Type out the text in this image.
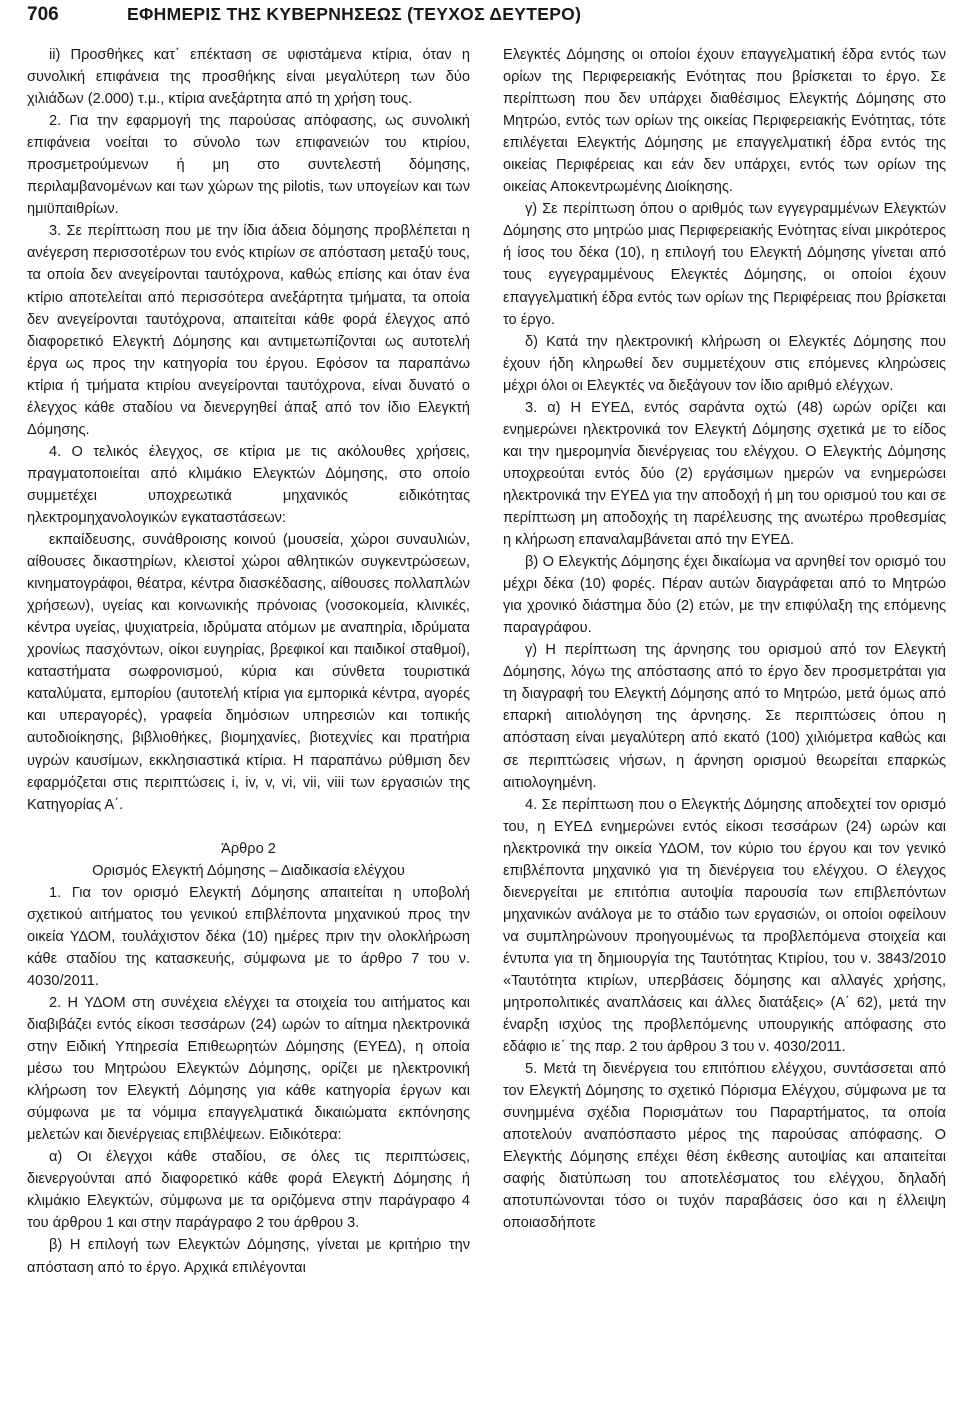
706	ΕΦΗΜΕΡΙΣ ΤΗΣ ΚΥΒΕΡΝΗΣΕΩΣ (ΤΕΥΧΟΣ ΔΕΥΤΕΡΟ)

ii) Προσθήκες κατ΄ επέκταση σε υφιστάμενα κτίρια, όταν η συνολική επιφάνεια της προσθήκης είναι μεγαλύτερη των δύο χιλιάδων (2.000) τ.μ., κτίρια ανεξάρτητα από τη χρήση τους.

2. Για την εφαρμογή της παρούσας απόφασης, ως συνολική επιφάνεια νοείται το σύνολο των επιφανειών του κτιρίου, προσμετρούμενων ή μη στο συντελεστή δόμησης, περιλαμβανομένων και των χώρων της pilotis, των υπογείων και των ημιϋπαιθρίων.

3. Σε περίπτωση που με την ίδια άδεια δόμησης προβλέπεται η ανέγερση περισσοτέρων του ενός κτιρίων σε απόσταση μεταξύ τους, τα οποία δεν ανεγείρονται ταυτόχρονα, καθώς επίσης και όταν ένα κτίριο αποτελείται από περισσότερα ανεξάρτητα τμήματα, τα οποία δεν ανεγείρονται ταυτόχρονα, απαιτείται κάθε φορά έλεγχος από διαφορετικό Ελεγκτή Δόμησης και αντιμετωπίζονται ως αυτοτελή έργα ως προς την κατηγορία του έργου. Εφόσον τα παραπάνω κτίρια ή τμήματα κτιρίου ανεγείρονται ταυτόχρονα, είναι δυνατό ο έλεγχος κάθε σταδίου να διενεργηθεί άπαξ από τον ίδιο Ελεγκτή Δόμησης.

4. Ο τελικός έλεγχος, σε κτίρια με τις ακόλουθες χρήσεις, πραγματοποιείται από κλιμάκιο Ελεγκτών Δόμησης, στο οποίο συμμετέχει υποχρεωτικά μηχανικός ειδικότητας ηλεκτρομηχανολογικών εγκαταστάσεων:

εκπαίδευσης, συνάθροισης κοινού (μουσεία, χώροι συναυλιών, αίθουσες δικαστηρίων, κλειστοί χώροι αθλητικών συγκεντρώσεων, κινηματογράφοι, θέατρα, κέντρα διασκέδασης, αίθουσες πολλαπλών χρήσεων), υγείας και κοινωνικής πρόνοιας (νοσοκομεία, κλινικές, κέντρα υγείας, ψυχιατρεία, ιδρύματα ατόμων με αναπηρία, ιδρύματα χρονίως πασχόντων, οίκοι ευγηρίας, βρεφικοί και παιδικοί σταθμοί), καταστήματα σωφρονισμού, κύρια και σύνθετα τουριστικά καταλύματα, εμπορίου (αυτοτελή κτίρια για εμπορικά κέντρα, αγορές και υπεραγορές), γραφεία δημόσιων υπηρεσιών και τοπικής αυτοδιοίκησης, βιβλιοθήκες, βιομηχανίες, βιοτεχνίες και πρατήρια υγρών καυσίμων, εκκλησιαστικά κτίρια. Η παραπάνω ρύθμιση δεν εφαρμόζεται στις περιπτώσεις i, iv, v, vi, vii, viii των εργασιών της Κατηγορίας Α΄.

Άρθρο 2

Ορισμός Ελεγκτή Δόμησης – Διαδικασία ελέγχου

1. Για τον ορισμό Ελεγκτή Δόμησης απαιτείται η υποβολή σχετικού αιτήματος του γενικού επιβλέποντα μηχανικού προς την οικεία ΥΔΟΜ, τουλάχιστον δέκα (10) ημέρες πριν την ολοκλήρωση κάθε σταδίου της κατασκευής, σύμφωνα με το άρθρο 7 του ν. 4030/2011.

2. Η ΥΔΟΜ στη συνέχεια ελέγχει τα στοιχεία του αιτήματος και διαβιβάζει εντός είκοσι τεσσάρων (24) ωρών το αίτημα ηλεκτρονικά στην Ειδική Υπηρεσία Επιθεωρητών Δόμησης (ΕΥΕΔ), η οποία μέσω του Μητρώου Ελεγκτών Δόμησης, ορίζει με ηλεκτρονική κλήρωση τον Ελεγκτή Δόμησης για κάθε κατηγορία έργων και σύμφωνα με τα νόμιμα επαγγελματικά δικαιώματα εκπόνησης μελετών και διενέργειας επιβλέψεων. Ειδικότερα:

α) Οι έλεγχοι κάθε σταδίου, σε όλες τις περιπτώσεις, διενεργούνται από διαφορετικό κάθε φορά Ελεγκτή Δόμησης ή κλιμάκιο Ελεγκτών, σύμφωνα με τα οριζόμενα στην παράγραφο 4 του άρθρου 1 και στην παράγραφο 2 του άρθρου 3.

β) Η επιλογή των Ελεγκτών Δόμησης, γίνεται με κριτήριο την απόσταση από το έργο. Αρχικά επιλέγονται

Ελεγκτές Δόμησης οι οποίοι έχουν επαγγελματική έδρα εντός των ορίων της Περιφερειακής Ενότητας που βρίσκεται το έργο. Σε περίπτωση που δεν υπάρχει διαθέσιμος Ελεγκτής Δόμησης στο Μητρώο, εντός των ορίων της οικείας Περιφερειακής Ενότητας, τότε επιλέγεται Ελεγκτής Δόμησης με επαγγελματική έδρα εντός της οικείας Περιφέρειας και εάν δεν υπάρχει, εντός των ορίων της οικείας Αποκεντρωμένης Διοίκησης.

γ) Σε περίπτωση όπου ο αριθμός των εγγεγραμμένων Ελεγκτών Δόμησης στο μητρώο μιας Περιφερειακής Ενότητας είναι μικρότερος ή ίσος του δέκα (10), η επιλογή του Ελεγκτή Δόμησης γίνεται από τους εγγεγραμμένους Ελεγκτές Δόμησης, οι οποίοι έχουν επαγγελματική έδρα εντός των ορίων της Περιφέρειας που βρίσκεται το έργο.

δ) Κατά την ηλεκτρονική κλήρωση οι Ελεγκτές Δόμησης που έχουν ήδη κληρωθεί δεν συμμετέχουν στις επόμενες κληρώσεις μέχρι όλοι οι Ελεγκτές να διεξάγουν τον ίδιο αριθμό ελέγχων.

3. α) Η ΕΥΕΔ, εντός σαράντα οχτώ (48) ωρών ορίζει και ενημερώνει ηλεκτρονικά τον Ελεγκτή Δόμησης σχετικά με το είδος και την ημερομηνία διενέργειας του ελέγχου. Ο Ελεγκτής Δόμησης υποχρεούται εντός δύο (2) εργάσιμων ημερών να ενημερώσει ηλεκτρονικά την ΕΥΕΔ για την αποδοχή ή μη του ορισμού του και σε περίπτωση μη αποδοχής τη παρέλευσης της ανωτέρω προθεσμίας η κλήρωση επαναλαμβάνεται από την ΕΥΕΔ.

β) Ο Ελεγκτής Δόμησης έχει δικαίωμα να αρνηθεί τον ορισμό του μέχρι δέκα (10) φορές. Πέραν αυτών διαγράφεται από το Μητρώο για χρονικό διάστημα δύο (2) ετών, με την επιφύλαξη της επόμενης παραγράφου.

γ) Η περίπτωση της άρνησης του ορισμού από τον Ελεγκτή Δόμησης, λόγω της απόστασης από το έργο δεν προσμετράται για τη διαγραφή του Ελεγκτή Δόμησης από το Μητρώο, μετά όμως από επαρκή αιτιολόγηση της άρνησης. Σε περιπτώσεις όπου η απόσταση είναι μεγαλύτερη από εκατό (100) χιλιόμετρα καθώς και σε περιπτώσεις νήσων, η άρνηση ορισμού θεωρείται επαρκώς αιτιολογημένη.

4. Σε περίπτωση που ο Ελεγκτής Δόμησης αποδεχτεί τον ορισμό του, η ΕΥΕΔ ενημερώνει εντός είκοσι τεσσάρων (24) ωρών και ηλεκτρονικά την οικεία ΥΔΟΜ, τον κύριο του έργου και τον γενικό επιβλέποντα μηχανικό για τη διενέργεια του ελέγχου. Ο έλεγχος διενεργείται με επιτόπια αυτοψία παρουσία των επιβλεπόντων μηχανικών ανάλογα με το στάδιο των εργασιών, οι οποίοι οφείλουν να συμπληρώνουν προηγουμένως τα προβλεπόμενα στοιχεία και έντυπα για τη δημιουργία της Ταυτότητας Κτιρίου, του ν. 3843/2010 «Ταυτότητα κτιρίων, υπερβάσεις δόμησης και αλλαγές χρήσης, μητροπολιτικές αναπλάσεις και άλλες διατάξεις» (Α΄ 62), μετά την έναρξη ισχύος της προβλεπόμενης υπουργικής απόφασης στο εδάφιο ιε΄ της παρ. 2 του άρθρου 3 του ν. 4030/2011.

5. Μετά τη διενέργεια του επιτόπιου ελέγχου, συντάσσεται από τον Ελεγκτή Δόμησης το σχετικό Πόρισμα Ελέγχου, σύμφωνα με τα συνημμένα σχέδια Πορισμάτων του Παραρτήματος, τα οποία αποτελούν αναπόσπαστο μέρος της παρούσας απόφασης. Ο Ελεγκτής Δόμησης επέχει θέση έκθεσης αυτοψίας και απαιτείται σαφής διατύπωση του αποτελέσματος του ελέγχου, δηλαδή αποτυπώνονται τόσο οι τυχόν παραβάσεις όσο και η έλλειψη οποιασδήποτε
